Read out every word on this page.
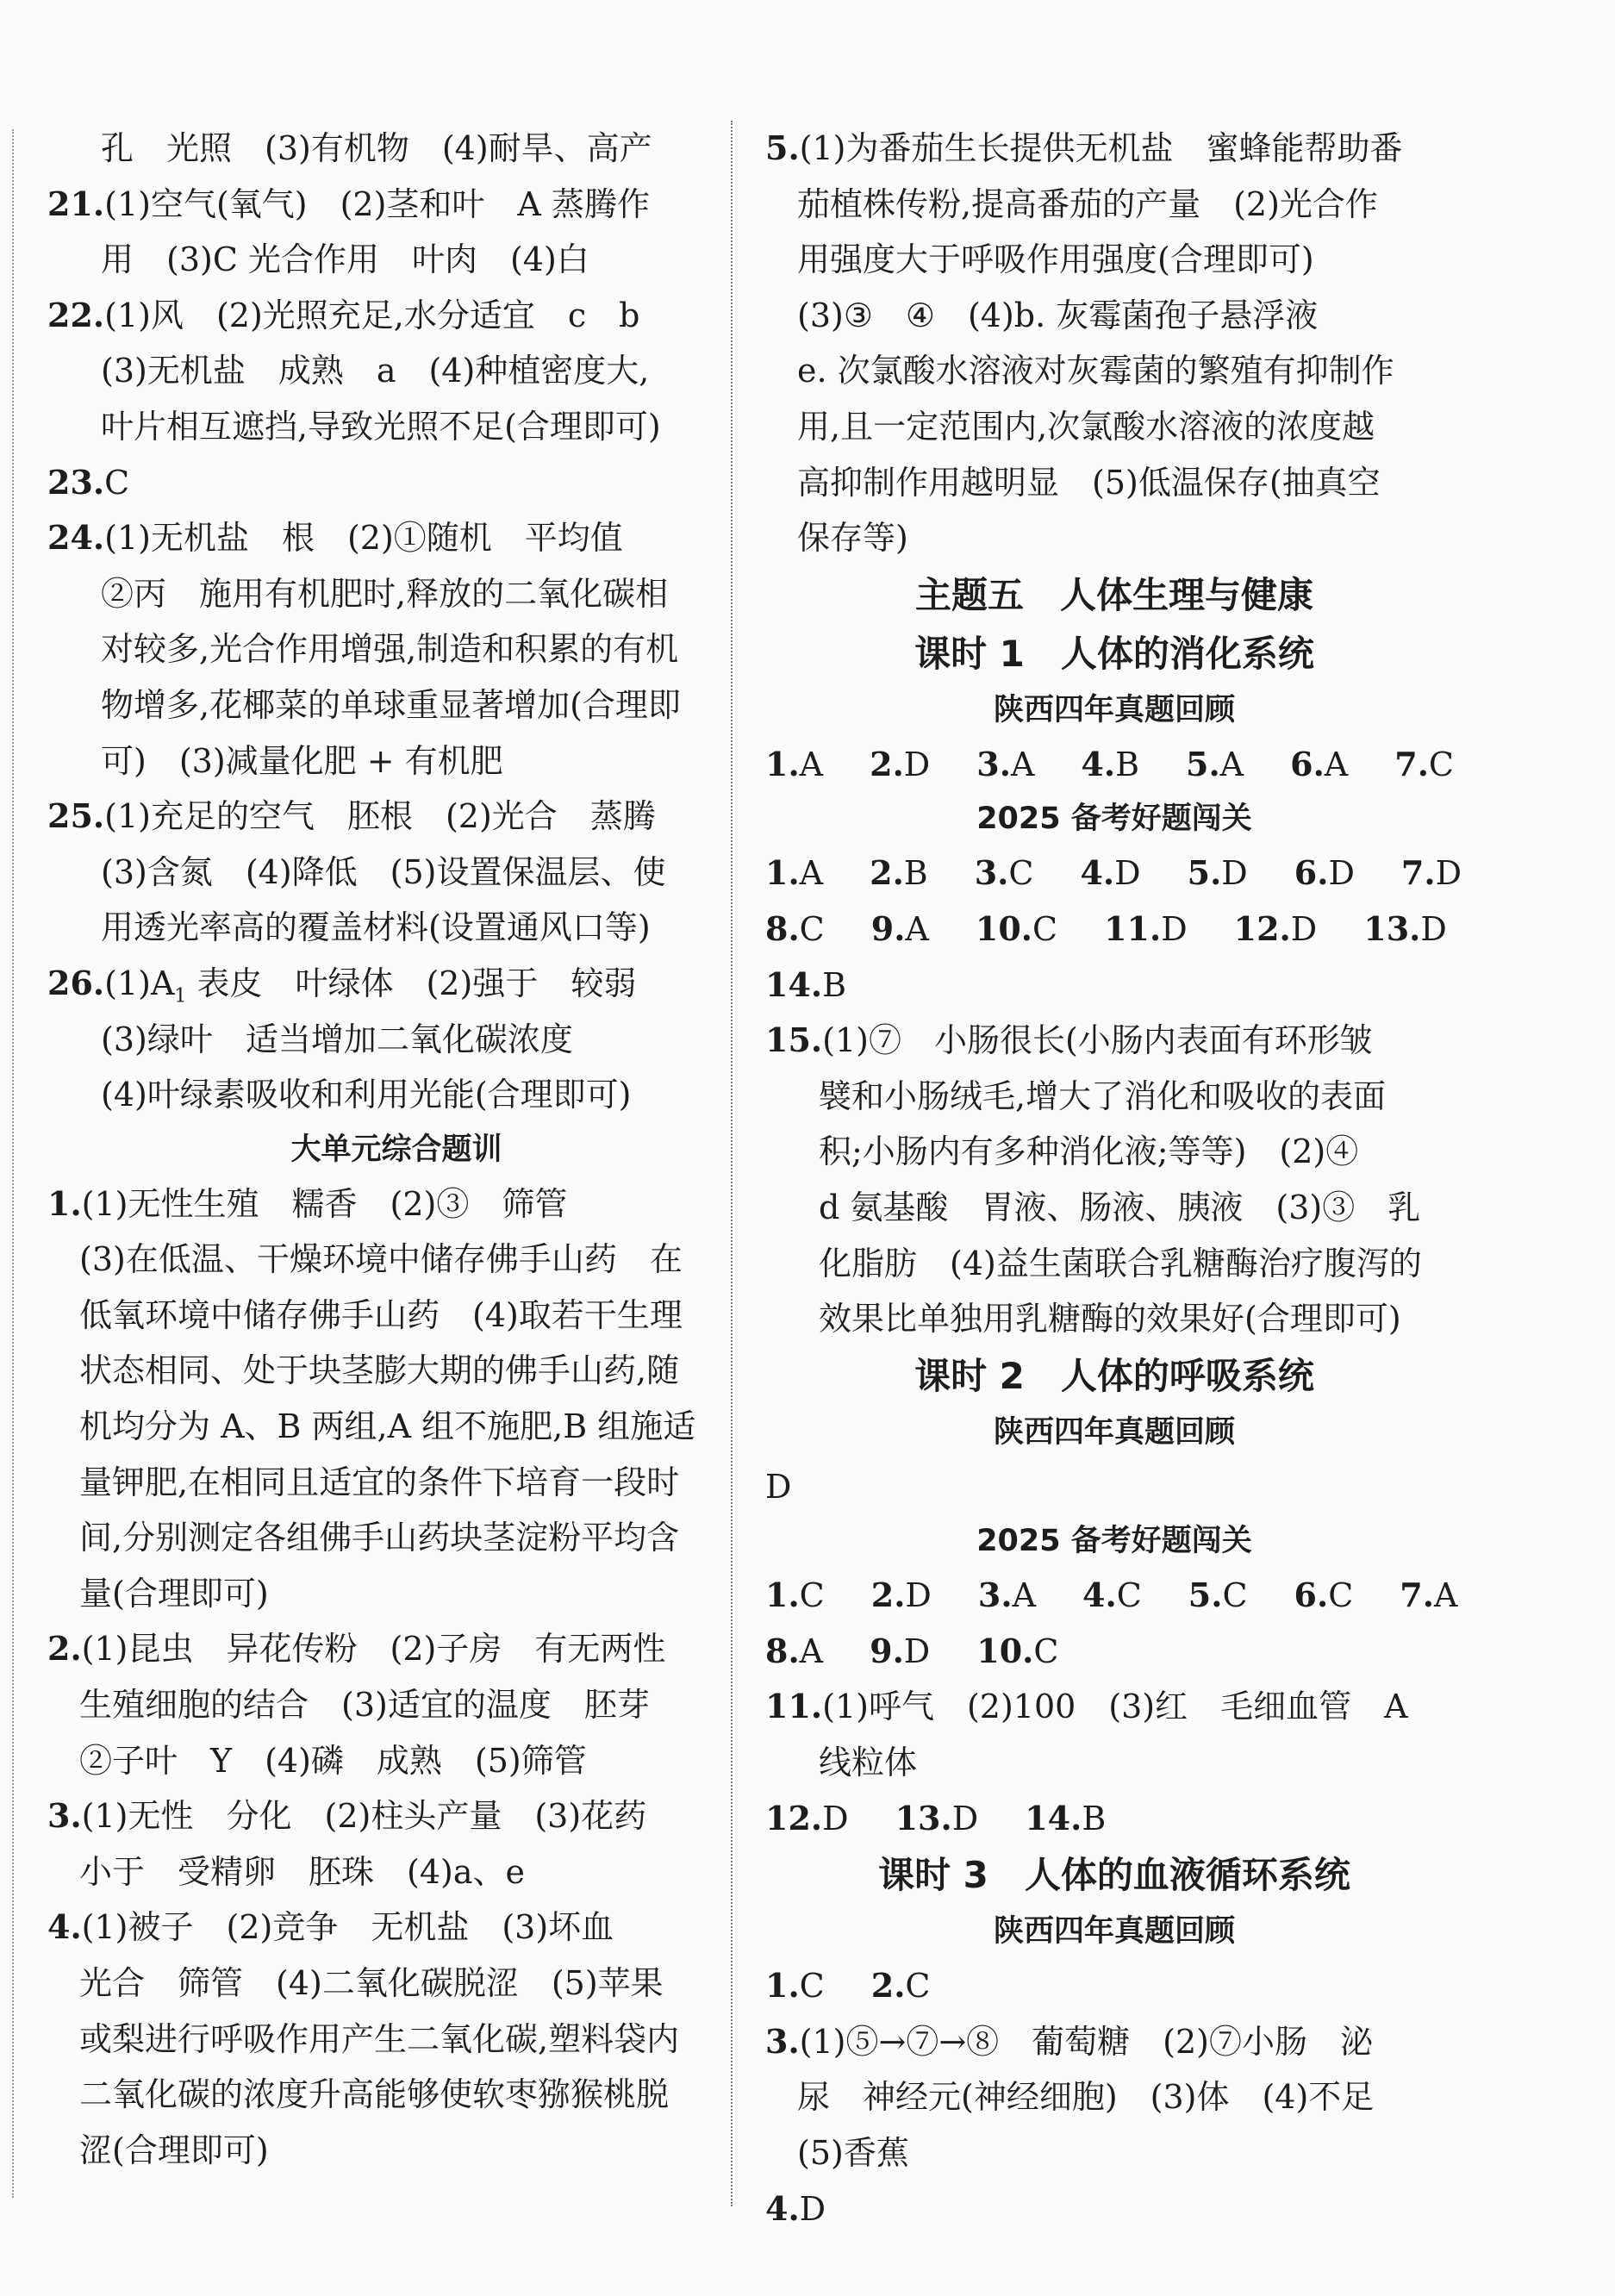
孔　光照　(3)有机物　(4)耐旱、高产
21.(1)空气(氧气)　(2)茎和叶　A 蒸腾作
用　(3)C 光合作用　叶肉　(4)白
22.(1)风　(2)光照充足,水分适宜　c　b
(3)无机盐　成熟　a　(4)种植密度大,
叶片相互遮挡,导致光照不足(合理即可)
23.C
24.(1)无机盐　根　(2)①随机　平均值
②丙　施用有机肥时,释放的二氧化碳相
对较多,光合作用增强,制造和积累的有机
物增多,花椰菜的单球重显著增加(合理即
可)　(3)减量化肥 + 有机肥
25.(1)充足的空气　胚根　(2)光合　蒸腾
(3)含氮　(4)降低　(5)设置保温层、使
用透光率高的覆盖材料(设置通风口等)
$26.(1)A_1$ 表皮　叶绿体　(2)强于　较弱
(3)绿叶　适当增加二氧化碳浓度
(4)叶绿素吸收和利用光能(合理即可)
大单元综合题训
1.(1)无性生殖　糯香　(2)③　筛管
(3)在低温、干燥环境中储存佛手山药　在
低氧环境中储存佛手山药　(4)取若干生理
状态相同、处于块茎膨大期的佛手山药,随
机均分为 A、B 两组,A 组不施肥,B 组施适
量钾肥,在相同且适宜的条件下培育一段时
间,分别测定各组佛手山药块茎淀粉平均含
量(合理即可)
2.(1)昆虫　异花传粉　(2)子房　有无两性
生殖细胞的结合　(3)适宜的温度　胚芽
②子叶　Y　(4)磷　成熟　(5)筛管
3.(1)无性　分化　(2)柱头产量　(3)花药
小于　受精卵　胚珠　(4)a、e
4.(1)被子　(2)竞争　无机盐　(3)坏血
光合　筛管　(4)二氧化碳脱涩　(5)苹果
或梨进行呼吸作用产生二氧化碳,塑料袋内
二氧化碳的浓度升高能够使软枣猕猴桃脱
涩(合理即可)
5.(1)为番茄生长提供无机盐　蜜蜂能帮助番
茄植株传粉,提高番茄的产量　(2)光合作
用强度大于呼吸作用强度(合理即可)
(3)③　④　(4)b. 灰霉菌孢子悬浮液
e. 次氯酸水溶液对灰霉菌的繁殖有抑制作
用,且一定范围内,次氯酸水溶液的浓度越
高抑制作用越明显　(5)低温保存(抽真空
保存等)
主题五　人体生理与健康
课时 1　人体的消化系统
陕西四年真题回顾
1.A 2.D 3.A 4.B 5.A 6.A 7.C
2025 备考好题闯关
1.A 2.B 3.C 4.D 5.D 6.D 7.D
8.C 9.A 10.C 11.D 12.D 13.D
14.B
15.(1)⑦　小肠很长(小肠内表面有环形皱
襞和小肠绒毛,增大了消化和吸收的表面
积;小肠内有多种消化液;等等)　(2)④
d 氨基酸　胃液、肠液、胰液　(3)③　乳
化脂肪　(4)益生菌联合乳糖酶治疗腹泻的
效果比单独用乳糖酶的效果好(合理即可)
课时 2　人体的呼吸系统
陕西四年真题回顾
D
2025 备考好题闯关
1.C 2.D 3.A 4.C 5.C 6.C 7.A
8.A 9.D 10.C
11.(1)呼气　(2)100　(3)红　毛细血管　A
线粒体
12.D 13.D 14.B
课时 3　人体的血液循环系统
陕西四年真题回顾
1.C 2.C
3.(1)⑤→⑦→⑧　葡萄糖　(2)⑦小肠　泌
尿　神经元(神经细胞)　(3)体　(4)不足
(5)香蕉
4.D
